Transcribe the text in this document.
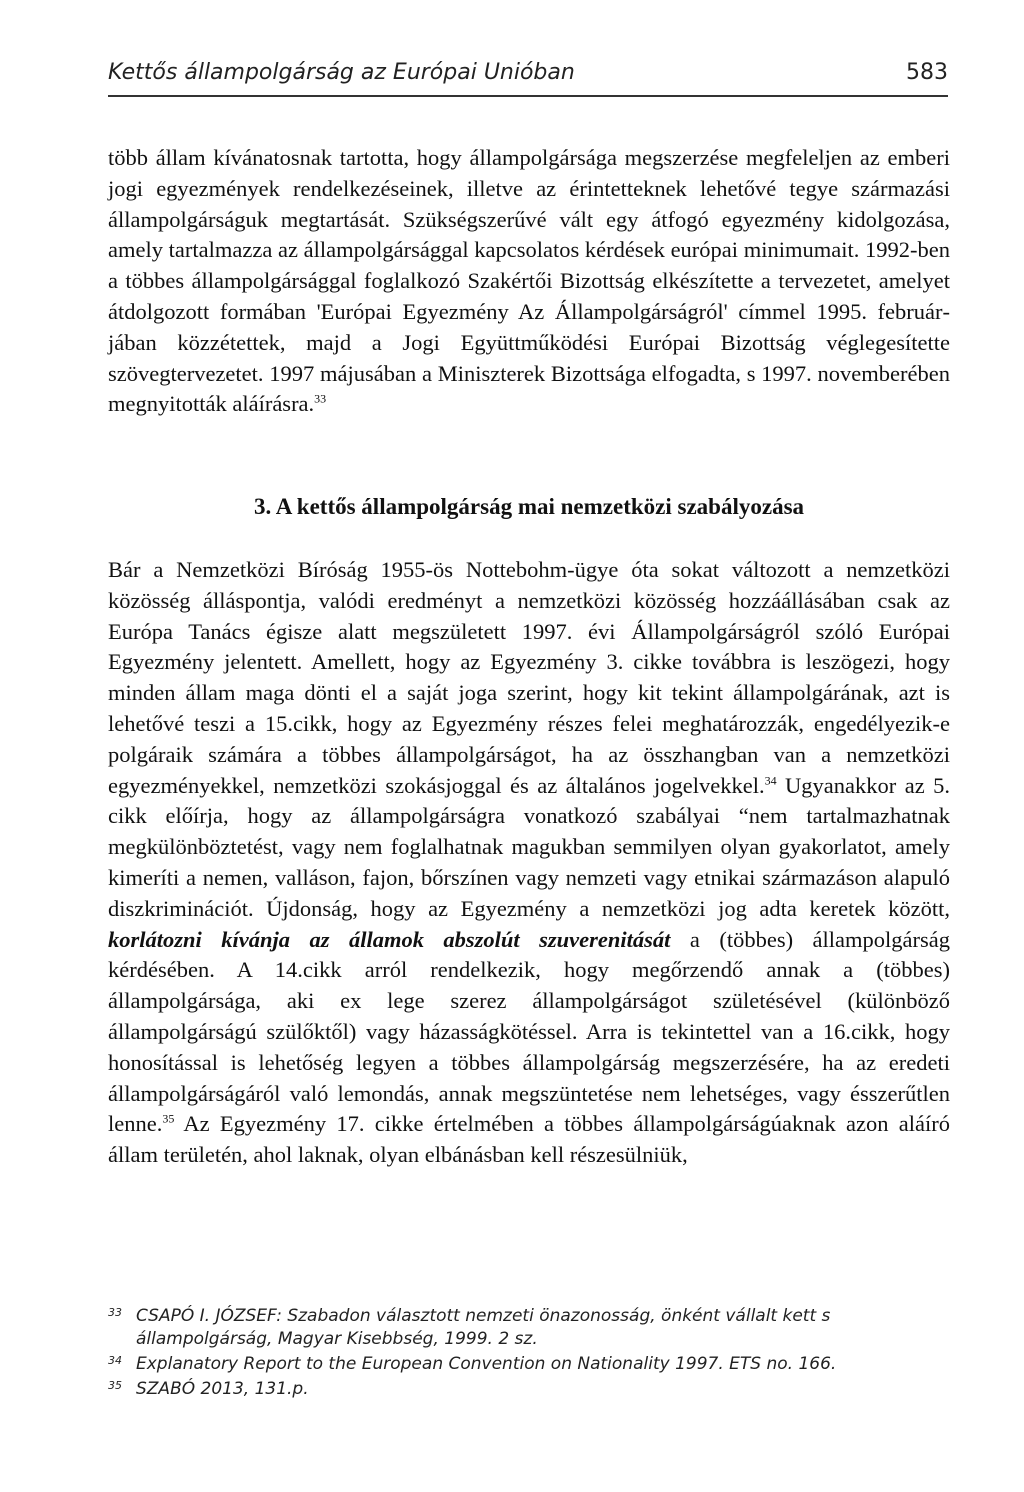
Kettős állampolgárság az Európai Unióban	583

több állam kívánatosnak tartotta, hogy állampolgársága megszerzése megfeleljen az emberi jogi egyezmények rendelkezéseinek, illetve az érintetteknek lehetővé tegye származási állampolgárságuk megtartását. Szükségszerűvé vált egy átfogó egyezmény kidolgozása, amely tartalmazza az állampolgársággal kapcsolatos kérdések európai minimumait. 1992-ben a többes állampolgársággal foglalkozó Szakértői Bizottság elkészítette a tervezetet, amelyet átdolgozott formában 'Európai Egyezmény Az Állampolgárságról' címmel 1995. februárjában közzétettek, majd a Jogi Együttműködési Európai Bizottság véglegesítette szövegtervezetet. 1997 májusában a Miniszterek Bizottsága elfogadta, s 1997. novemberében megnyitották aláírásra.$^{33}$

3. A kettős állampolgárság mai nemzetközi szabályozása

Bár a Nemzetközi Bíróság 1955-ös Nottebohm-ügye óta sokat változott a nemzetközi közösség álláspontja, valódi eredményt a nemzetközi közösség hozzáállásában csak az Európa Tanács égisze alatt megszületett 1997. évi Állampolgárságról szóló Európai Egyezmény jelentett. Amellett, hogy az Egyezmény 3. cikke továbbra is leszögezi, hogy minden állam maga dönti el a saját joga szerint, hogy kit tekint állampolgárának, azt is lehetővé teszi a 15.cikk, hogy az Egyezmény részes felei meghatározzák, engedélyezik-e polgáraik számára a többes állampolgárságot, ha az összhangban van a nemzetközi egyezményekkel, nemzetközi szokásjoggal és az általános jogelvekkel.$^{34}$ Ugyanakkor az 5. cikk előírja, hogy az állampolgárságra vonatkozó szabályai “nem tartalmazhatnak megkülönböztetést, vagy nem foglalhatnak magukban semmilyen olyan gyakorlatot, amely kimeríti a nemen, valláson, fajon, bőrszínen vagy nemzeti vagy etnikai származáson alapuló diszkriminációt. Újdonság, hogy az Egyezmény a nemzetközi jog adta keretek között, korlátozni kívánja az államok abszolút szuverenitását a (többes) állampolgárság kérdésében. A 14.cikk arról rendelkezik, hogy megőrzendő annak a (többes) állampolgársága, aki ex lege szerez állampolgárságot születésével (különböző állampolgárságú szülőktől) vagy házasságkötéssel. Arra is tekintettel van a 16.cikk, hogy honosítással is lehetőség legyen a többes állampolgárság megszerzésére, ha az eredeti állampolgárságáról való lemondás, annak megszüntetése nem lehetséges, vagy ésszerűtlen lenne.$^{35}$ Az Egyezmény 17. cikke értelmében a többes állampolgárságúaknak azon aláíró állam területén, ahol laknak, olyan elbánásban kell részesülniük,

33 CSAPÓ I. JÓZSEF: Szabadon választott nemzeti önazonosság, önként vállalt kett s állampolgárság, Magyar Kisebbség, 1999. 2 sz.

34 Explanatory Report to the European Convention on Nationality 1997. ETS no. 166.

35 SZABÓ 2013, 131.p.
